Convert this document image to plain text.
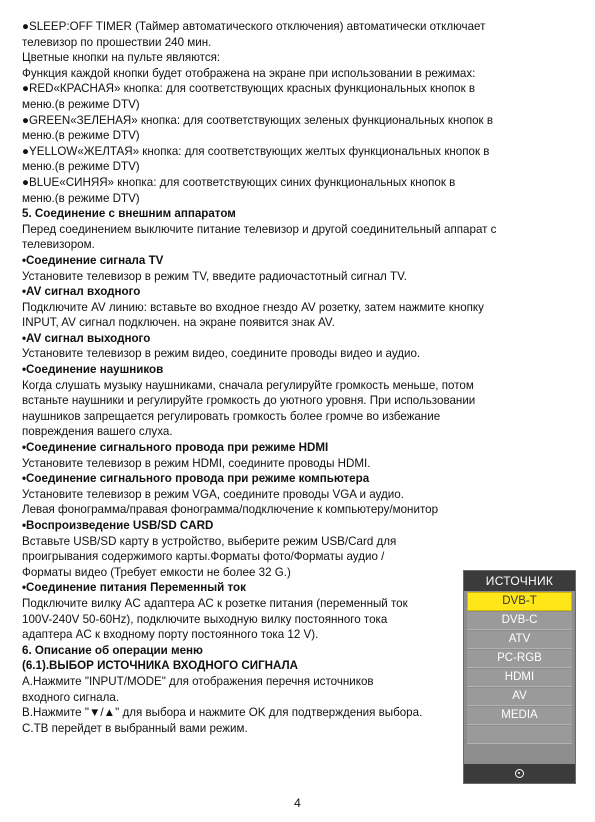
●SLEEP:OFF TIMER (Таймер автоматического отключения) автоматически отключает

телевизор по прошествии 240 мин.

Цветные кнопки на пульте являются:

Функция каждой кнопки будет отображена на экране при использовании в режимах:

●RED«КРАСНАЯ» кнопка: для соответствующих красных функциональных кнопок в

меню.(в режиме DTV)

●GREEN«ЗЕЛЕНАЯ» кнопка: для соответствующих зеленых функциональных кнопок в

меню.(в режиме DTV)

●YELLOW«ЖЕЛТАЯ» кнопка: для соответствующих желтых функциональных кнопок в

меню.(в режиме DTV)

●BLUE«СИНЯЯ» кнопка: для соответствующих синих функциональных кнопок в

меню.(в режиме DTV)

5. Соединение с внешним аппаратом

Перед соединением выключите питание телевизор и другой соединительный аппарат с

телевизором.

•Соединение сигнала TV

Установите телевизор в режим TV, введите радиочастотный сигнал TV.

•AV сигнал входного

Подключите AV линию: вставьте во входное гнездо AV розетку, затем нажмите кнопку

INPUT, AV сигнал подключен. на экране появится знак AV.

•AV сигнал выходного

Установите телевизор в режим видео, соедините проводы видео и аудио.

•Соединение наушников

Когда слушать музыку наушниками, сначала регулируйте громкость меньше, потом

встаньте наушники и регулируйте громкость до уютного уровня. При использовании

наушников запрещается регулировать громкость более громче во избежание

повреждения вашего слуха.

•Соединение сигнального провода при режиме HDMI

Установите телевизор в режим HDMI, соедините проводы HDMI.

•Соединение сигнального провода при режиме компьютера

Установите телевизор в режим VGA, соедините проводы VGA и аудио.

Левая фонограмма/правая фонограмма/подключение к компьютеру/монитор

•Воспроизведение USB/SD CARD

Вставьте USB/SD карту в устройство, выберите режим USB/Card для

проигрывания содержимого карты.Форматы фото/Форматы аудио /

Форматы видео (Требует емкости не более 32 G.)

•Соединение питания Переменный ток

Подключите вилку AC адаптера AC к розетке питания (переменный ток

100V-240V 50-60Hz), подключите выходную вилку постоянного тока

адаптера AC к входному порту постоянного тока 12 V).

6. Описание об операции меню

(6.1).ВЫБОР ИСТОЧНИКА ВХОДНОГО СИГНАЛА

A.Нажмите "INPUT/MODE" для отображения перечня источников

входного сигнала.

B.Нажмите "▼/▲" для выбора и нажмите OK для подтверждения выбора.

C.ТВ перейдет в выбранный вами режим.

4
ИСТОЧНИК
DVB-T
DVB-C
ATV
PC-RGB
HDMI
AV
MEDIA
